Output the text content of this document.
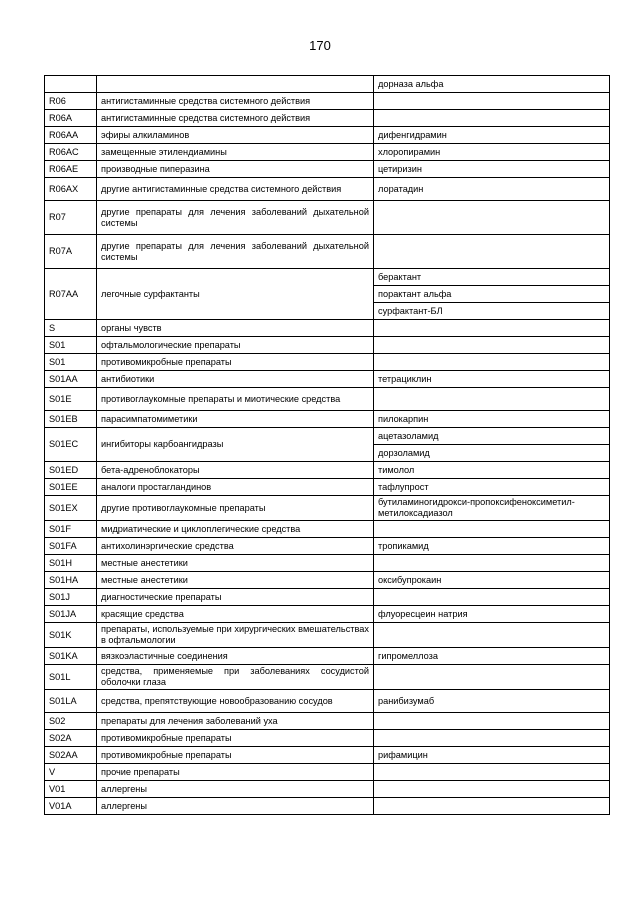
170
		дорназа альфа
R06	антигистаминные средства системного действия	
R06A	антигистаминные средства системного действия	
R06AA	эфиры алкиламинов	дифенгидрамин
R06AC	замещенные этилендиамины	хлоропирамин
R06AE	производные пиперазина	цетиризин
R06AX	другие антигистаминные средства системного действия	лоратадин
R07	другие препараты для лечения заболеваний дыхательной системы	
R07A	другие препараты для лечения заболеваний дыхательной системы	
R07AA	легочные сурфактанты	берактант
		порактант альфа
		сурфактант-БЛ
S	органы чувств	
S01	офтальмологические препараты	
S01	противомикробные препараты	
S01AA	антибиотики	тетрациклин
S01E	противоглаукомные препараты и миотические средства	
S01EB	парасимпатомиметики	пилокарпин
S01EC	ингибиторы карбоангидразы	ацетазоламид
		дорзоламид
S01ED	бета-адреноблокаторы	тимолол
S01EE	аналоги простагландинов	тафлупрост
S01EX	другие противоглаукомные препараты	бутиламиногидрокси-пропоксифеноксиметил-метилоксадиазол
S01F	мидриатические и циклоплегические средства	
S01FA	антихолинэргические средства	тропикамид
S01H	местные анестетики	
S01HA	местные анестетики	оксибупрокаин
S01J	диагностические препараты	
S01JA	красящие средства	флуоресцеин натрия
S01K	препараты, используемые при хирургических вмешательствах в офтальмологии	
S01KA	вязкоэластичные соединения	гипромеллоза
S01L	средства, применяемые при заболеваниях сосудистой оболочки глаза	
S01LA	средства, препятствующие новообразованию сосудов	ранибизумаб
S02	препараты для лечения заболеваний уха	
S02A	противомикробные препараты	
S02AA	противомикробные препараты	рифамицин
V	прочие препараты	
V01	аллергены	
V01A	аллергены	
